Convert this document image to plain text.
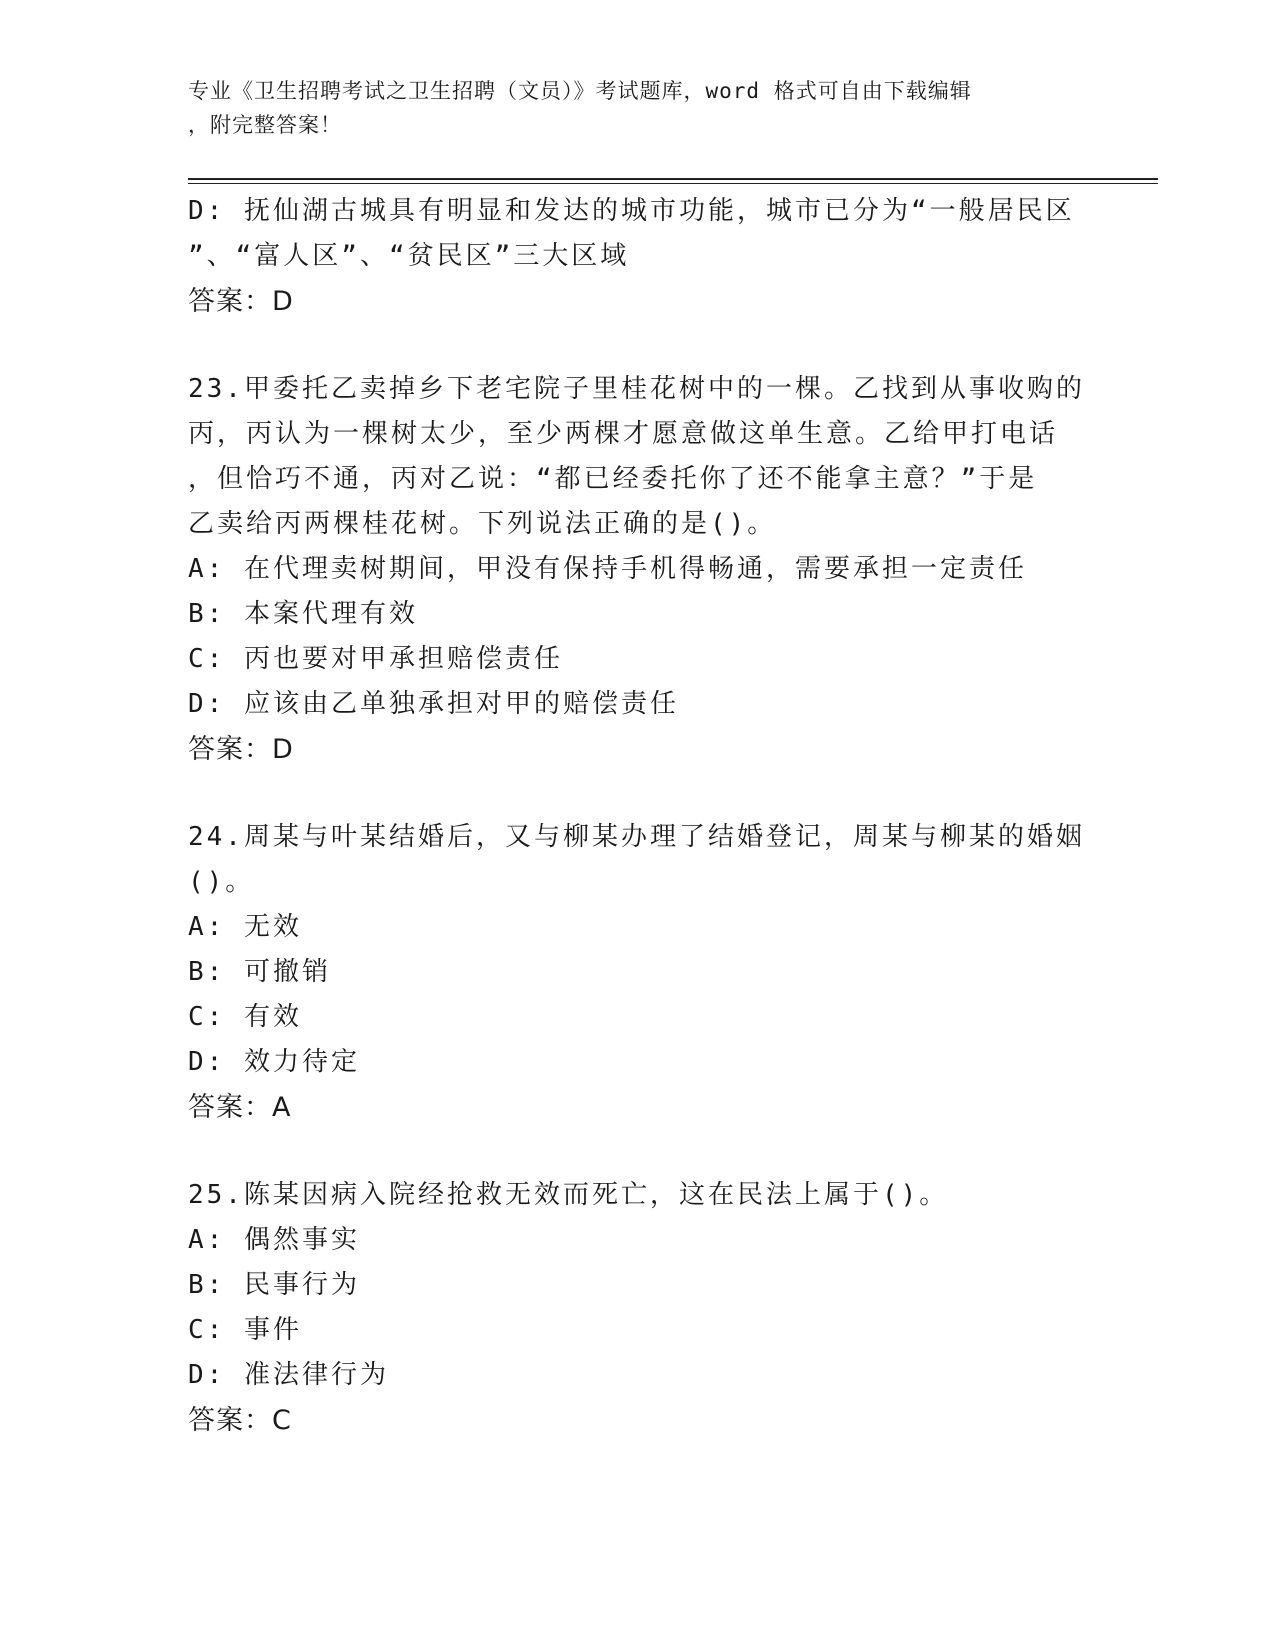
专业《卫生招聘考试之卫生招聘（文员）》考试题库，word 格式可自由下载编辑
，附完整答案！
D: 抚仙湖古城具有明显和发达的城市功能，城市已分为“一般居民区
”、“富人区”、“贫民区”三大区域
答案：D
23.甲委托乙卖掉乡下老宅院子里桂花树中的一棵。乙找到从事收购的
丙，丙认为一棵树太少，至少两棵才愿意做这单生意。乙给甲打电话
，但恰巧不通，丙对乙说：“都已经委托你了还不能拿主意？”于是
乙卖给丙两棵桂花树。下列说法正确的是()。
A: 在代理卖树期间，甲没有保持手机得畅通，需要承担一定责任
B: 本案代理有效
C: 丙也要对甲承担赔偿责任
D: 应该由乙单独承担对甲的赔偿责任
答案：D
24.周某与叶某结婚后，又与柳某办理了结婚登记，周某与柳某的婚姻
()。
A: 无效
B: 可撤销
C: 有效
D: 效力待定
答案：A
25.陈某因病入院经抢救无效而死亡，这在民法上属于()。
A: 偶然事实
B: 民事行为
C: 事件
D: 准法律行为
答案：C
